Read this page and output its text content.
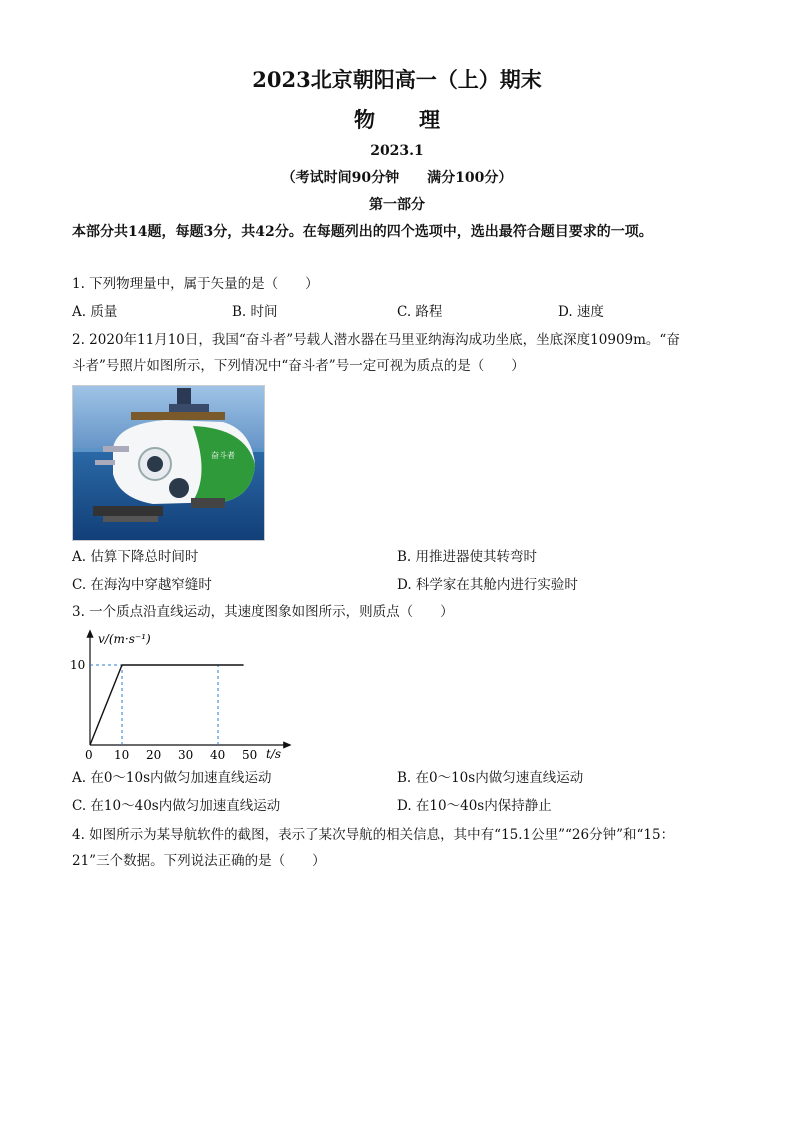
2023北京朝阳高一（上）期末
物理
2023.1
（考试时间90分钟　　满分100分）
第一部分
本部分共14题，每题3分，共42分。在每题列出的四个选项中，选出最符合题目要求的一项。
1. 下列物理量中，属于矢量的是（　　）
A. 质量	B. 时间	C. 路程	D. 速度
2. 2020年11月10日，我国“奋斗者”号载人潜水器在马里亚纳海沟成功坐底，坐底深度10909m。“奋
斗者”号照片如图所示，下列情况中“奋斗者”号一定可视为质点的是（　　）
奋斗者
A. 估算下降总时间时	B. 用推进器使其转弯时
C. 在海沟中穿越窄缝时	D. 科学家在其舱内进行实验时
3. 一个质点沿直线运动，其速度图象如图所示，则质点（　　）
v/(m·s⁻¹)
t/s
0 10 20 30 40 50
10
A. 在0～10s内做匀加速直线运动	B. 在0～10s内做匀速直线运动
C. 在10～40s内做匀加速直线运动	D. 在10～40s内保持静止
4. 如图所示为某导航软件的截图，表示了某次导航的相关信息，其中有“15.1公里”“26分钟”和“15：
21”三个数据。下列说法正确的是（　　）
